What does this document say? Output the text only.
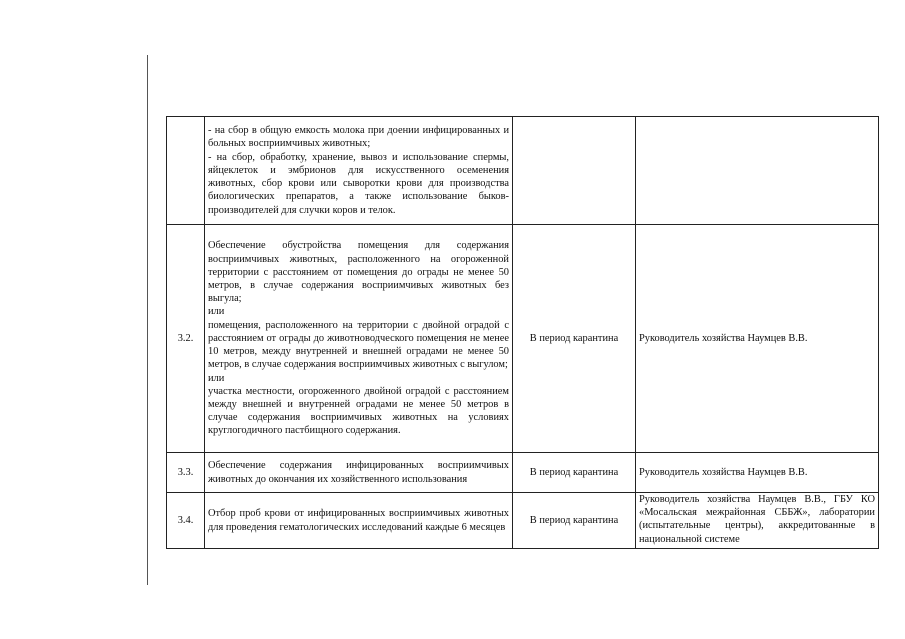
	- на сбор в общую емкость молока при доении инфицированных и больных восприимчивых животных;

- на сбор, обработку, хранение, вывоз и использование спермы, яйцеклеток и эмбрионов для искусственного осеменения животных, сбор крови или сыворотки крови для производства биологических препаратов, а также использование быков-производителей для случки коров и телок.		

3.2.	Обеспечение обустройства помещения для содержания восприимчивых животных, расположенного на огороженной территории с расстоянием от помещения до ограды не менее 50 метров, в случае содержания восприимчивых животных без выгула;

или

помещения, расположенного на территории с двойной оградой с расстоянием от ограды до животноводческого помещения не менее 10 метров, между внутренней и внешней оградами не менее 50 метров, в случае содержания восприимчивых животных с выгулом;

или

участка местности, огороженного двойной оградой с расстоянием между внешней и внутренней оградами не менее 50 метров в случае содержания восприимчивых животных на условиях круглогодичного пастбищного содержания.	В период карантина	Руководитель хозяйства Наумцев В.В.

3.3.	Обеспечение содержания инфицированных восприимчивых животных до окончания их хозяйственного использования	В период карантина	Руководитель хозяйства Наумцев В.В.

3.4.	Отбор проб крови от инфицированных восприимчивых животных для проведения гематологических исследований каждые 6 месяцев	В период карантина	Руководитель хозяйства Наумцев В.В., ГБУ КО «Мосальская межрайонная СББЖ», лаборатории (испытательные центры), аккредитованные в национальной системе
